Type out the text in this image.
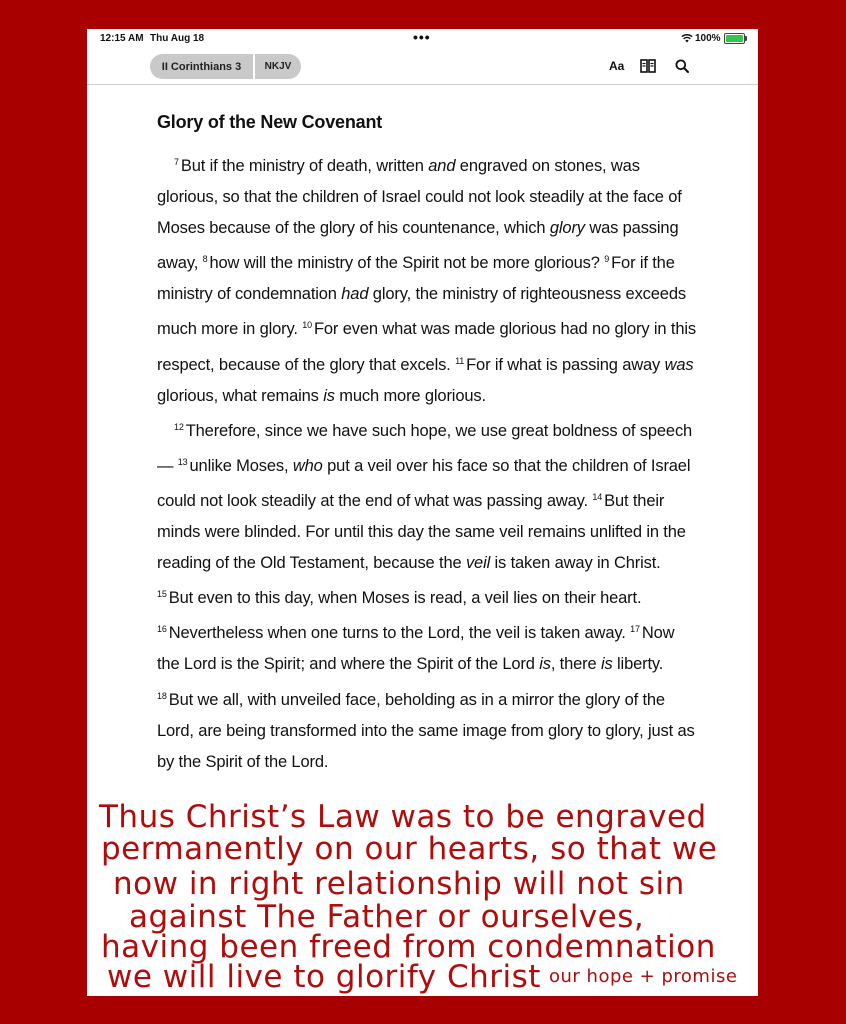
12:15 AM Thu Aug 18	•••	100%
II Corinthians 3	NKJV	Aa
Glory of the New Covenant

$^7$ But if the ministry of death, written and engraved on stones, was glorious, so that the children of Israel could not look steadily at the face of Moses because of the glory of his countenance, which glory was passing away, $^8$ how will the ministry of the Spirit not be more glorious? $^9$ For if the ministry of condemnation had glory, the ministry of righteousness exceeds much more in glory. $^{10}$ For even what was made glorious had no glory in this respect, because of the glory that excels. $^{11}$ For if what is passing away was glorious, what remains is much more glorious.

$^{12}$ Therefore, since we have such hope, we use great boldness of speech— $^{13}$ unlike Moses, who put a veil over his face so that the children of Israel could not look steadily at the end of what was passing away. $^{14}$ But their minds were blinded. For until this day the same veil remains unlifted in the reading of the Old Testament, because the veil is taken away in Christ. $^{15}$ But even to this day, when Moses is read, a veil lies on their heart. $^{16}$ Nevertheless when one turns to the Lord, the veil is taken away. $^{17}$ Now the Lord is the Spirit; and where the Spirit of the Lord is, there is liberty. $^{18}$ But we all, with unveiled face, beholding as in a mirror the glory of the Lord, are being transformed into the same image from glory to glory, just as by the Spirit of the Lord.

Thus Christ’s Law was to be engraved
permanently on our hearts, so that we
now in right relationship will not sin
against The Father or ourselves,
having been freed from condemnation
we will live to glorify Christ our hope + promise
